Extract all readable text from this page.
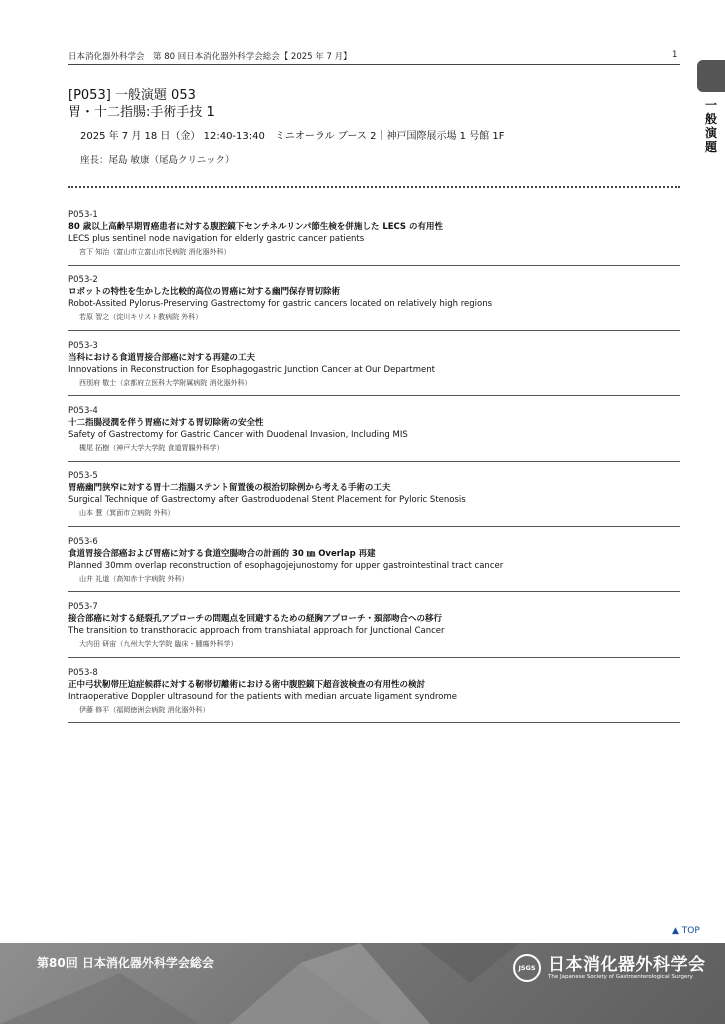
日本消化器外科学会　第 80 回日本消化器外科学会総会【 2025 年 7 月】	1
一般演題
[P053] 一般演題 053
胃・十二指腸:手術手技 1
2025 年 7 月 18 日（金） 12:40-13:40　ミニオーラル ブース 2｜神戸国際展示場 1 号館 1F
座長：尾島 敏康（尾島クリニック）
P053-1
80 歳以上高齢早期胃癌患者に対する腹腔鏡下センチネルリンパ節生検を併施した LECS の有用性
LECS plus sentinel node navigation for elderly gastric cancer patients
宮下 知治（富山市立富山市民病院 消化器外科）
P053-2
ロボットの特性を生かした比較的高位の胃癌に対する幽門保存胃切除術
Robot-Assited Pylorus-Preserving Gastrectomy for gastric cancers located on relatively high regions
若原 智之（淀川キリスト教病院 外科）
P053-3
当科における食道胃接合部癌に対する再建の工夫
Innovations in Reconstruction for Esophagogastric Junction Cancer at Our Department
西別府 敬士（京都府立医科大学附属病院 消化器外科）
P053-4
十二指腸浸潤を伴う胃癌に対する胃切除術の安全性
Safety of Gastrectomy for Gastric Cancer with Duodenal Invasion, Including MIS
槻尾 拓樹（神戸大学大学院 食道胃腸外科学）
P053-5
胃癌幽門狭窄に対する胃十二指腸ステント留置後の根治切除例から考える手術の工夫
Surgical Technique of Gastrectomy after Gastroduodenal Stent Placement for Pyloric Stenosis
山本 慧（箕面市立病院 外科）
P053-6
食道胃接合部癌および胃癌に対する食道空腸吻合の計画的 30 ㎜ Overlap 再建
Planned 30mm overlap reconstruction of esophagojejunostomy for upper gastrointestinal tract cancer
山井 礼道（高知赤十字病院 外科）
P053-7
接合部癌に対する経裂孔アプローチの問題点を回避するための経胸アプローチ・頚部吻合への移行
The transition to transthoracic approach from transhiatal approach for Junctional Cancer
大内田 研宙（九州大学大学院 臨床・腫瘍外科学）
P053-8
正中弓状靭帯圧迫症候群に対する靭帯切離術における術中腹腔鏡下超音波検査の有用性の検討
Intraoperative Doppler ultrasound for the patients with median arcuate ligament syndrome
伊藤 修平（福岡徳洲会病院 消化器外科）
▲ TOP
第80回 日本消化器外科学会総会	JSGS 日本消化器外科学会
The Japanese Society of Gastroenterological Surgery
